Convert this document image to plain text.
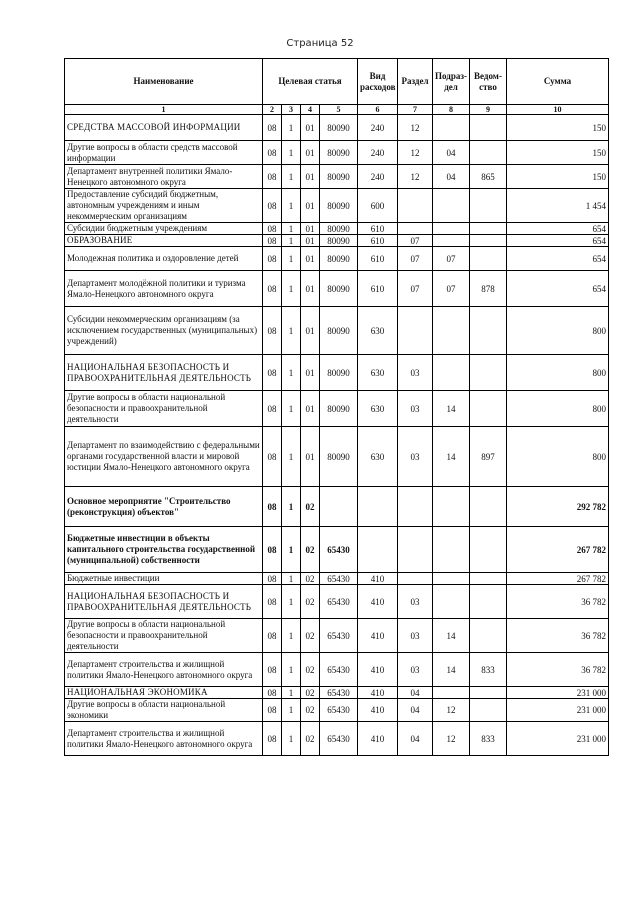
Страница 52
Наименование	Целевая статья				Вид расходов	Раздел	Подраз-дел	Ведом-ство	Сумма
1	2	3	4	5	6	7	8	9	10
СРЕДСТВА МАССОВОЙ ИНФОРМАЦИИ	08	1	01	80090	240	12			150
Другие вопросы в области средств массовой информации	08	1	01	80090	240	12	04		150
Департамент внутренней политики Ямало-Ненецкого автономного округа	08	1	01	80090	240	12	04	865	150
Предоставление субсидий бюджетным, автономным учреждениям и иным некоммерческим организациям	08	1	01	80090	600				1 454
Субсидии бюджетным учреждениям	08	1	01	80090	610				654
ОБРАЗОВАНИЕ	08	1	01	80090	610	07			654
Молодежная политика и оздоровление детей	08	1	01	80090	610	07	07		654
Департамент молодёжной политики и туризма Ямало-Ненецкого автономного округа	08	1	01	80090	610	07	07	878	654
Субсидии некоммерческим организациям (за исключением государственных (муниципальных) учреждений)	08	1	01	80090	630				800
НАЦИОНАЛЬНАЯ БЕЗОПАСНОСТЬ И ПРАВООХРАНИТЕЛЬНАЯ ДЕЯТЕЛЬНОСТЬ	08	1	01	80090	630	03			800
Другие вопросы в области национальной безопасности и правоохранительной деятельности	08	1	01	80090	630	03	14		800
Департамент по взаимодействию с федеральными органами государственной власти и мировой юстиции Ямало-Ненецкого автономного округа	08	1	01	80090	630	03	14	897	800
Основное мероприятие "Строительство (реконструкция) объектов"	08	1	02						292 782
Бюджетные инвестиции в объекты капитального строительства государственной (муниципальной) собственности	08	1	02	65430					267 782
Бюджетные инвестиции	08	1	02	65430	410				267 782
НАЦИОНАЛЬНАЯ БЕЗОПАСНОСТЬ И ПРАВООХРАНИТЕЛЬНАЯ ДЕЯТЕЛЬНОСТЬ	08	1	02	65430	410	03			36 782
Другие вопросы в области национальной безопасности и правоохранительной деятельности	08	1	02	65430	410	03	14		36 782
Департамент строительства и жилищной политики Ямало-Ненецкого автономного округа	08	1	02	65430	410	03	14	833	36 782
НАЦИОНАЛЬНАЯ ЭКОНОМИКА	08	1	02	65430	410	04			231 000
Другие вопросы в области национальной экономики	08	1	02	65430	410	04	12		231 000
Департамент строительства и жилищной политики Ямало-Ненецкого автономного округа	08	1	02	65430	410	04	12	833	231 000
